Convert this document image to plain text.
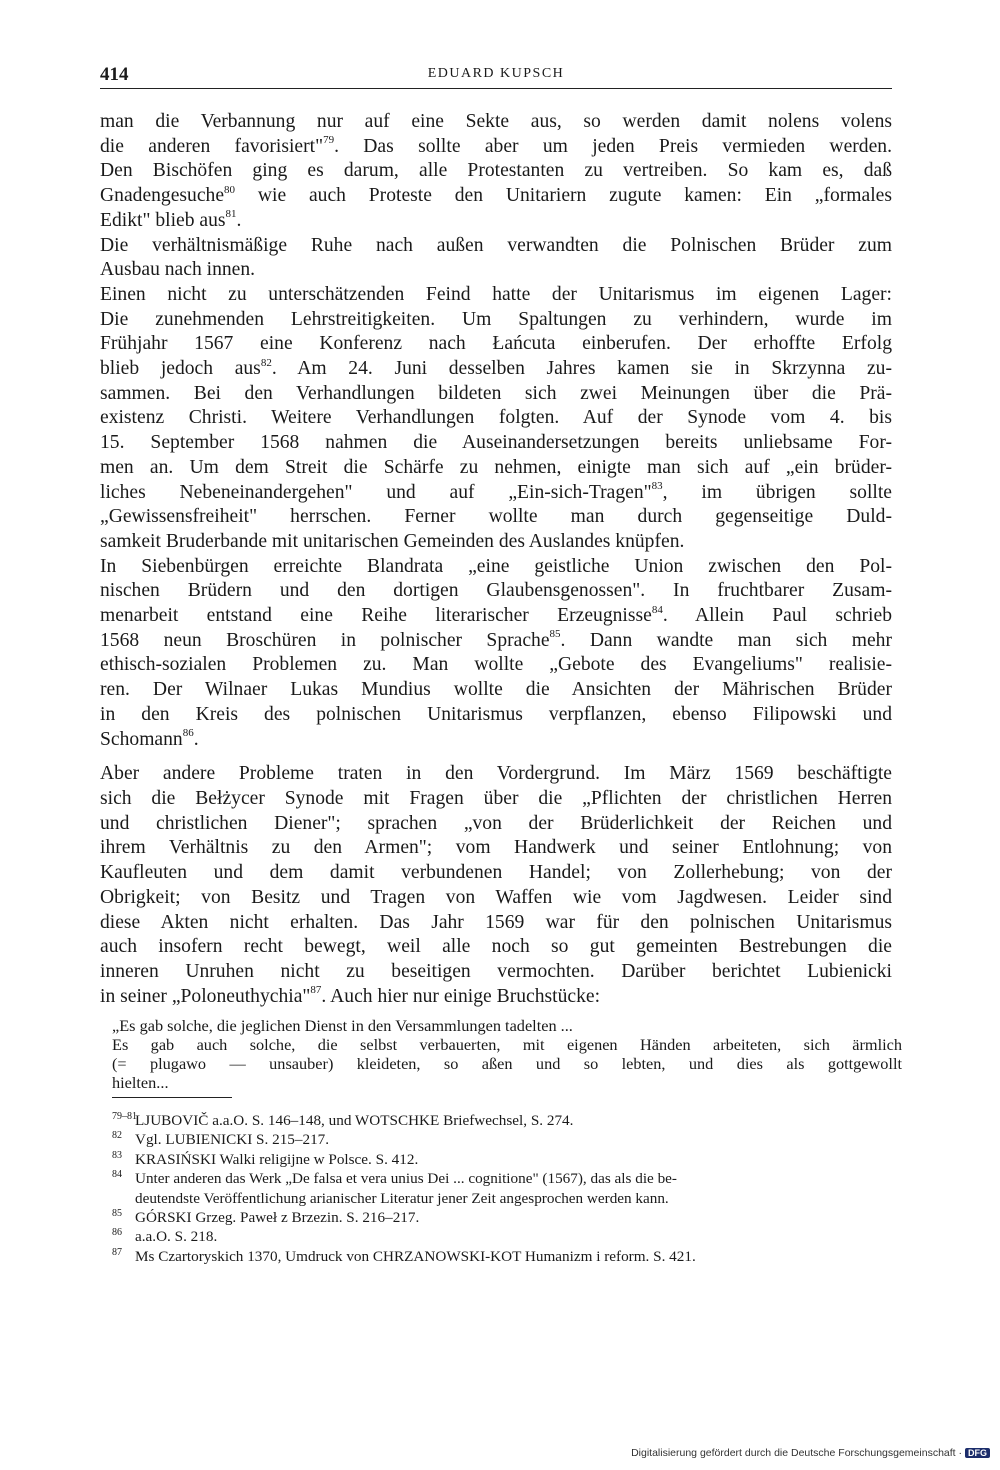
414	EDUARD KUPSCH
man die Verbannung nur auf eine Sekte aus, so werden damit nolens volens
die anderen favorisiert"$^{79}$. Das sollte aber um jeden Preis vermieden werden.
Den Bischöfen ging es darum, alle Protestanten zu vertreiben. So kam es, daß
Gnadengesuche$^{80}$ wie auch Proteste den Unitariern zugute kamen: Ein „formales
Edikt" blieb aus$^{81}$.
Die verhältnismäßige Ruhe nach außen verwandten die Polnischen Brüder zum
Ausbau nach innen.
Einen nicht zu unterschätzenden Feind hatte der Unitarismus im eigenen Lager:
Die zunehmenden Lehrstreitigkeiten. Um Spaltungen zu verhindern, wurde im
Frühjahr 1567 eine Konferenz nach Łańcuta einberufen. Der erhoffte Erfolg
blieb jedoch aus$^{82}$. Am 24. Juni desselben Jahres kamen sie in Skrzynna zu-
sammen. Bei den Verhandlungen bildeten sich zwei Meinungen über die Prä-
existenz Christi. Weitere Verhandlungen folgten. Auf der Synode vom 4. bis
15. September 1568 nahmen die Auseinandersetzungen bereits unliebsame For-
men an. Um dem Streit die Schärfe zu nehmen, einigte man sich auf „ein brüder-
liches Nebeneinandergehen" und auf „Ein-sich-Tragen"$^{83}$, im übrigen sollte
„Gewissensfreiheit" herrschen. Ferner wollte man durch gegenseitige Duld-
samkeit Bruderbande mit unitarischen Gemeinden des Auslandes knüpfen.
In Siebenbürgen erreichte Blandrata „eine geistliche Union zwischen den Pol-
nischen Brüdern und den dortigen Glaubensgenossen". In fruchtbarer Zusam-
menarbeit entstand eine Reihe literarischer Erzeugnisse$^{84}$. Allein Paul schrieb
1568 neun Broschüren in polnischer Sprache$^{85}$. Dann wandte man sich mehr
ethisch-sozialen Problemen zu. Man wollte „Gebote des Evangeliums" realisie-
ren. Der Wilnaer Lukas Mundius wollte die Ansichten der Mährischen Brüder
in den Kreis des polnischen Unitarismus verpflanzen, ebenso Filipowski und
Schomann$^{86}$.
Aber andere Probleme traten in den Vordergrund. Im März 1569 beschäftigte
sich die Bełżycer Synode mit Fragen über die „Pflichten der christlichen Herren
und christlichen Diener"; sprachen „von der Brüderlichkeit der Reichen und
ihrem Verhältnis zu den Armen"; vom Handwerk und seiner Entlohnung; von
Kaufleuten und dem damit verbundenen Handel; von Zollerhebung; von der
Obrigkeit; von Besitz und Tragen von Waffen wie vom Jagdwesen. Leider sind
diese Akten nicht erhalten. Das Jahr 1569 war für den polnischen Unitarismus
auch insofern recht bewegt, weil alle noch so gut gemeinten Bestrebungen die
inneren Unruhen nicht zu beseitigen vermochten. Darüber berichtet Lubienicki
in seiner „Poloneuthychia"$^{87}$. Auch hier nur einige Bruchstücke:
„Es gab solche, die jeglichen Dienst in den Versammlungen tadelten ...
Es gab auch solche, die selbst verbauerten, mit eigenen Händen arbeiteten, sich ärmlich
(= plugawo — unsauber) kleideten, so aßen und so lebten, und dies als gottgewollt
hielten...
79–81LJUBOVIČ a.a.O. S. 146–148, und WOTSCHKE Briefwechsel, S. 274.
82 Vgl. LUBIENICKI S. 215–217.
83 KRASIŃSKI Walki religijne w Polsce. S. 412.
84 Unter anderen das Werk „De falsa et vera unius Dei ... cognitione" (1567), das als die be-
deutendste Veröffentlichung arianischer Literatur jener Zeit angesprochen werden kann.
85 GÓRSKI Grzeg. Paweł z Brzezin. S. 216–217.
86 a.a.O. S. 218.
87 Ms Czartoryskich 1370, Umdruck von CHRZANOWSKI-KOT Humanizm i reform. S. 421.
Digitalisierung gefördert durch die Deutsche Forschungsgemeinschaft · DFG
